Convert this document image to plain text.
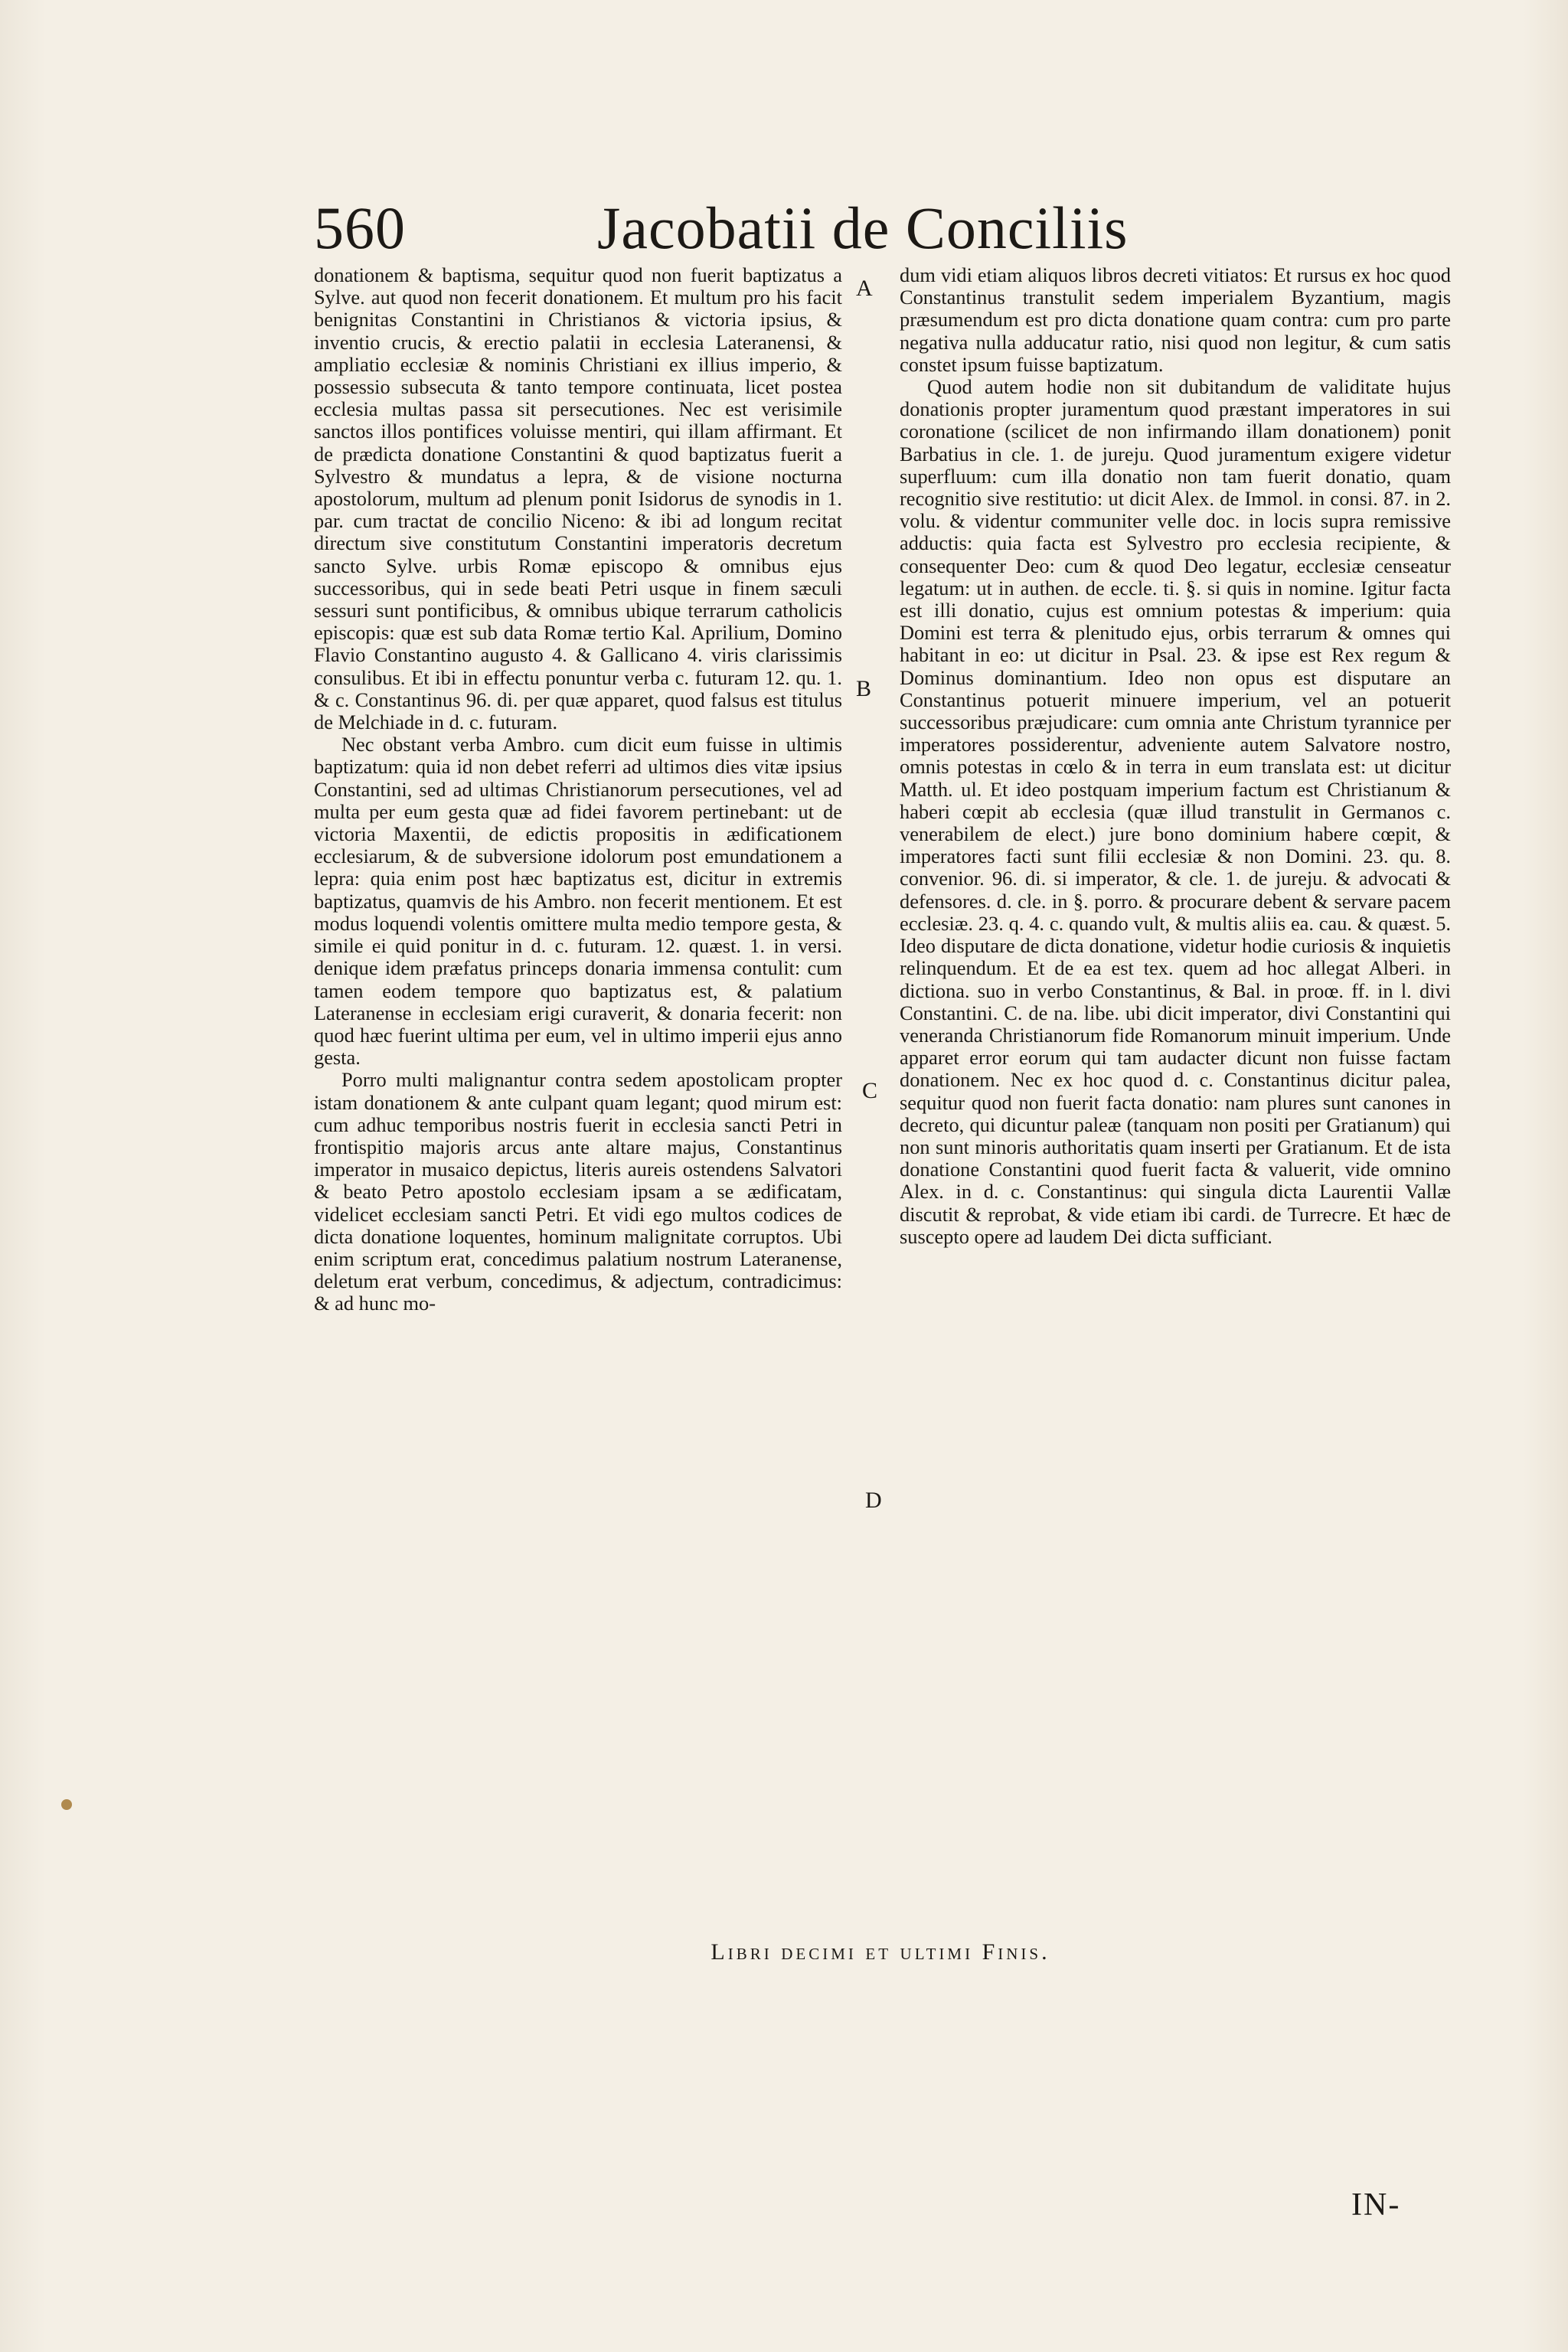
560	Jacobatii de Conciliis

donationem & baptisma, sequitur quod non fuerit baptizatus a Sylve. aut quod non fecerit donationem. Et multum pro his facit benignitas Constantini in Christianos & victoria ipsius, & inventio crucis, & erectio palatii in ecclesia Lateranensi, & ampliatio ecclesiæ & nominis Christiani ex illius imperio, & possessio subsecuta & tanto tempore continuata, licet postea ecclesia multas passa sit persecutiones. Nec est verisimile sanctos illos pontifices voluisse mentiri, qui illam affirmant. Et de prædicta donatione Constantini & quod baptizatus fuerit a Sylvestro & mundatus a lepra, & de visione nocturna apostolorum, multum ad plenum ponit Isidorus de synodis in 1. par. cum tractat de concilio Niceno: & ibi ad longum recitat directum sive constitutum Constantini imperatoris decretum sancto Sylve. urbis Romæ episcopo & omnibus ejus successoribus, qui in sede beati Petri usque in finem sæculi sessuri sunt pontificibus, & omnibus ubique terrarum catholicis episcopis: quæ est sub data Romæ tertio Kal. Aprilium, Domino Flavio Constantino augusto 4. & Gallicano 4. viris clarissimis consulibus. Et ibi in effectu ponuntur verba c. futuram 12. qu. 1. & c. Constantinus 96. di. per quæ apparet, quod falsus est titulus de Melchiade in d. c. futuram.

Nec obstant verba Ambro. cum dicit eum fuisse in ultimis baptizatum: quia id non debet referri ad ultimos dies vitæ ipsius Constantini, sed ad ultimas Christianorum persecutiones, vel ad multa per eum gesta quæ ad fidei favorem pertinebant: ut de victoria Maxentii, de edictis propositis in ædificationem ecclesiarum, & de subversione idolorum post emundationem a lepra: quia enim post hæc baptizatus est, dicitur in extremis baptizatus, quamvis de his Ambro. non fecerit mentionem. Et est modus loquendi volentis omittere multa medio tempore gesta, & simile ei quid ponitur in d. c. futuram. 12. quæst. 1. in versi. denique idem præfatus princeps donaria immensa contulit: cum tamen eodem tempore quo baptizatus est, & palatium Lateranense in ecclesiam erigi curaverit, & donaria fecerit: non quod hæc fuerint ultima per eum, vel in ultimo imperii ejus anno gesta.

Porro multi malignantur contra sedem apostolicam propter istam donationem & ante culpant quam legant; quod mirum est: cum adhuc temporibus nostris fuerit in ecclesia sancti Petri in frontispitio majoris arcus ante altare majus, Constantinus imperator in musaico depictus, literis aureis ostendens Salvatori & beato Petro apostolo ecclesiam ipsam a se ædificatam, videlicet ecclesiam sancti Petri. Et vidi ego multos codices de dicta donatione loquentes, hominum malignitate corruptos. Ubi enim scriptum erat, concedimus palatium nostrum Lateranense, deletum erat verbum, concedimus, & adjectum, contradicimus: & ad hunc mo-

A
B
C
D

dum vidi etiam aliquos libros decreti vitiatos: Et rursus ex hoc quod Constantinus transtulit sedem imperialem Byzantium, magis præsumendum est pro dicta donatione quam contra: cum pro parte negativa nulla adducatur ratio, nisi quod non legitur, & cum satis constet ipsum fuisse baptizatum.

Quod autem hodie non sit dubitandum de validitate hujus donationis propter juramentum quod præstant imperatores in sui coronatione (scilicet de non infirmando illam donationem) ponit Barbatius in cle. 1. de jureju. Quod juramentum exigere videtur superfluum: cum illa donatio non tam fuerit donatio, quam recognitio sive restitutio: ut dicit Alex. de Immol. in consi. 87. in 2. volu. & videntur communiter velle doc. in locis supra remissive adductis: quia facta est Sylvestro pro ecclesia recipiente, & consequenter Deo: cum & quod Deo legatur, ecclesiæ censeatur legatum: ut in authen. de eccle. ti. §. si quis in nomine. Igitur facta est illi donatio, cujus est omnium potestas & imperium: quia Domini est terra & plenitudo ejus, orbis terrarum & omnes qui habitant in eo: ut dicitur in Psal. 23. & ipse est Rex regum & Dominus dominantium. Ideo non opus est disputare an Constantinus potuerit minuere imperium, vel an potuerit successoribus præjudicare: cum omnia ante Christum tyrannice per imperatores possiderentur, adveniente autem Salvatore nostro, omnis potestas in cœlo & in terra in eum translata est: ut dicitur Matth. ul. Et ideo postquam imperium factum est Christianum & haberi cœpit ab ecclesia (quæ illud transtulit in Germanos c. venerabilem de elect.) jure bono dominium habere cœpit, & imperatores facti sunt filii ecclesiæ & non Domini. 23. qu. 8. convenior. 96. di. si imperator, & cle. 1. de jureju. & advocati & defensores. d. cle. in §. porro. & procurare debent & servare pacem ecclesiæ. 23. q. 4. c. quando vult, & multis aliis ea. cau. & quæst. 5. Ideo disputare de dicta donatione, videtur hodie curiosis & inquietis relinquendum. Et de ea est tex. quem ad hoc allegat Alberi. in dictiona. suo in verbo Constantinus, & Bal. in proœ. ff. in l. divi Constantini. C. de na. libe. ubi dicit imperator, divi Constantini qui veneranda Christianorum fide Romanorum minuit imperium. Unde apparet error eorum qui tam audacter dicunt non fuisse factam donationem. Nec ex hoc quod d. c. Constantinus dicitur palea, sequitur quod non fuerit facta donatio: nam plures sunt canones in decreto, qui dicuntur paleæ (tanquam non positi per Gratianum) qui non sunt minoris authoritatis quam inserti per Gratianum. Et de ista donatione Constantini quod fuerit facta & valuerit, vide omnino Alex. in d. c. Constantinus: qui singula dicta Laurentii Vallæ discutit & reprobat, & vide etiam ibi cardi. de Turrecre. Et hæc de suscepto opere ad laudem Dei dicta sufficiant.

Libri decimi et ultimi Finis.
IN-
